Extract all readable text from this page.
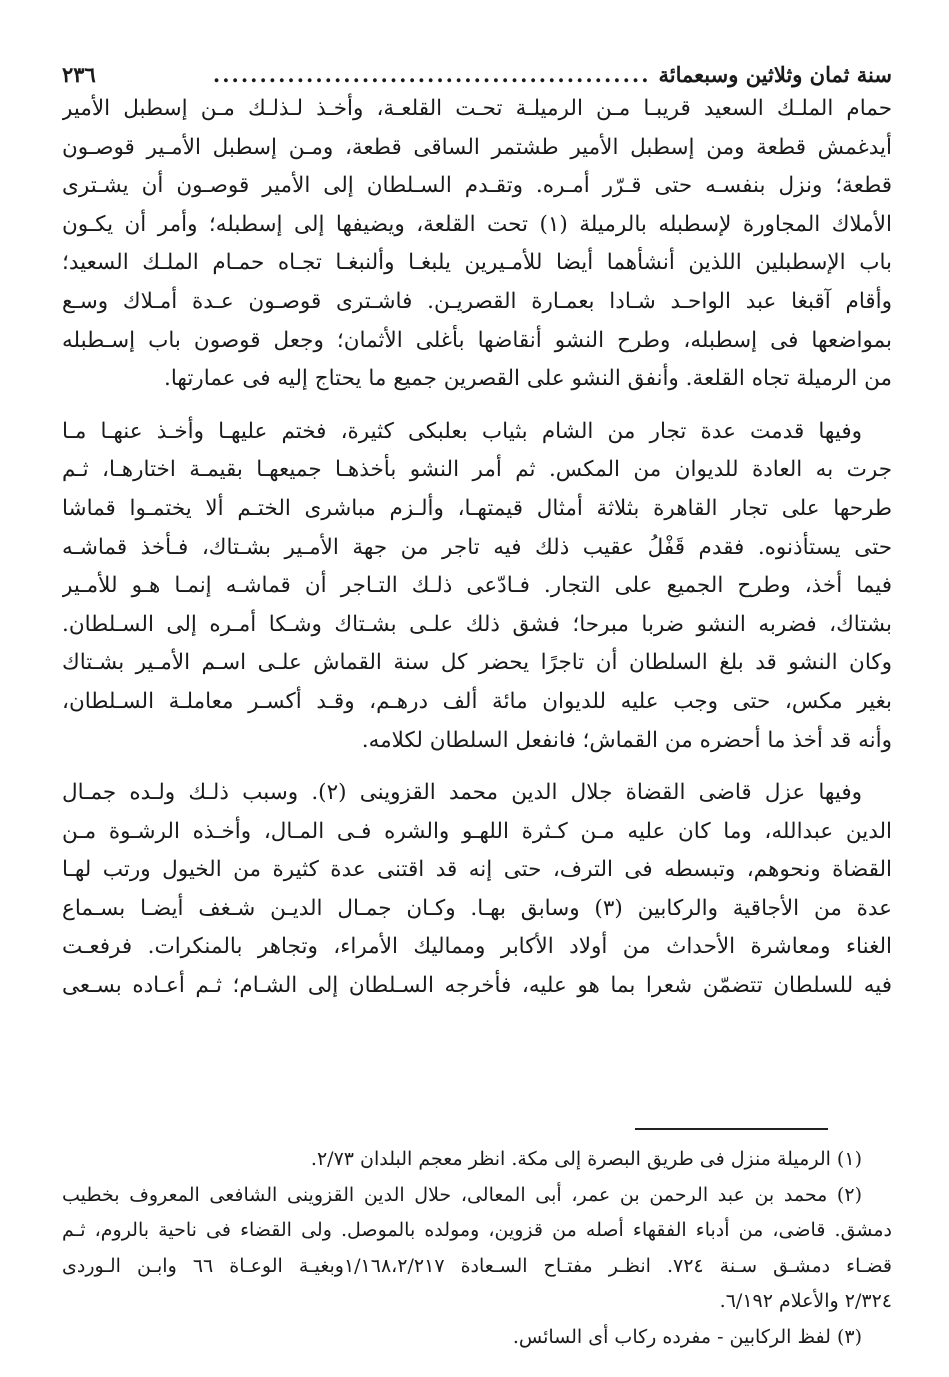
سنة ثمان وثلاثين وسبعمائة
...............................................
٢٣٦
حمام الملـك السعيد قريبـا مـن الرميلـة تحـت القلعـة، وأخـذ لـذلـك مـن إسطبل الأمير
أيدغمش قطعة ومن إسطبل الأمير طشتمر الساقى قطعة، ومـن إسطبل الأمـير قوصـون
قطعة؛ ونزل بنفسـه حتى قـرّر أمـره. وتقـدم السـلطان إلى الأمير قوصـون أن يشـترى
الأملاك المجاورة لإسطبله بالرميلة (١) تحت القلعة، ويضيفها إلى إسطبله؛ وأمر أن يكـون
باب الإسطبلين اللذين أنشأهما أيضا للأمـيرين يلبغـا وألنبغـا تجـاه حمـام الملـك السعيد؛
وأقام آقبغا عبد الواحـد شـادا بعمـارة القصريـن. فاشـترى قوصـون عـدة أمـلاك وسـع
بمواضعها فى إسطبله، وطرح النشو أنقاضها بأغلى الأثمان؛ وجعل قوصون باب إسـطبله
من الرميلة تجاه القلعة. وأنفق النشو على القصرين جميع ما يحتاج إليه فى عمارتها.
وفيها قدمت عدة تجار من الشام بثياب بعلبكى كثيرة، فختم عليهـا وأخـذ عنهـا مـا
جرت به العادة للديوان من المكس. ثم أمر النشو بأخذهـا جميعهـا بقيمـة اختارهـا، ثـم
طرحها على تجار القاهرة بثلاثة أمثال قيمتهـا، وألـزم مباشرى الختـم ألا يختمـوا قماشا
حتى يستأذنوه. فقدم قَفْلُ عقيب ذلك فيه تاجر من جهة الأمـير بشـتاك، فـأخذ قماشـه
فيما أخذ، وطرح الجميع على التجار. فـادّعى ذلـك التـاجر أن قماشـه إنمـا هـو للأمـير
بشتاك، فضربه النشو ضربا مبرحا؛ فشق ذلك علـى بشـتاك وشـكا أمـره إلى السـلطان.
وكان النشو قد بلغ السلطان أن تاجرًا يحضر كل سنة القماش علـى اسـم الأمـير بشـتاك
بغير مكس، حتى وجب عليه للديوان مائة ألف درهـم، وقـد أكسـر معاملـة السـلطان،
وأنه قد أخذ ما أحضره من القماش؛ فانفعل السلطان لكلامه.
وفيها عزل قاضى القضاة جلال الدين محمد القزوينى (٢). وسبب ذلـك ولـده جمـال
الدين عبدالله، وما كان عليه مـن كـثرة اللهـو والشره فـى المـال، وأخـذه الرشـوة مـن
القضاة ونحوهم، وتبسطه فى الترف، حتى إنه قد اقتنى عدة كثيرة من الخيول ورتب لهـا
عدة من الأجاقية والركابين (٣) وسابق بهـا. وكـان جمـال الديـن شـغف أيضـا بسـماع
الغناء ومعاشرة الأحداث من أولاد الأكابر ومماليك الأمراء، وتجاهر بالمنكرات. فرفعـت
فيه للسلطان تتضمّن شعرا بما هو عليه، فأخرجه السـلطان إلى الشـام؛ ثـم أعـاده بسـعى
(١) الرميلة منزل فى طريق البصرة إلى مكة. انظر معجم البلدان ٢/٧٣.
(٢) محمد بن عبد الرحمن بن عمر، أبى المعالى، حلال الدين القزوينى الشافعى المعروف بخطيب
دمشق. قاضى، من أدباء الفقهاء أصله من قزوين، ومولده بالموصل. ولى القضاء فى ناحية بالروم، ثـم
قضـاء دمشـق سـنة ٧٢٤. انظـر مفتـاح السـعادة ١/١٦٨،٢/٢١٧وبغيـة الوعـاة ٦٦ وابـن الـوردى
٢/٣٢٤ والأعلام ٦/١٩٢.
(٣) لفظ الركابين - مفرده ركاب أى السائس.
